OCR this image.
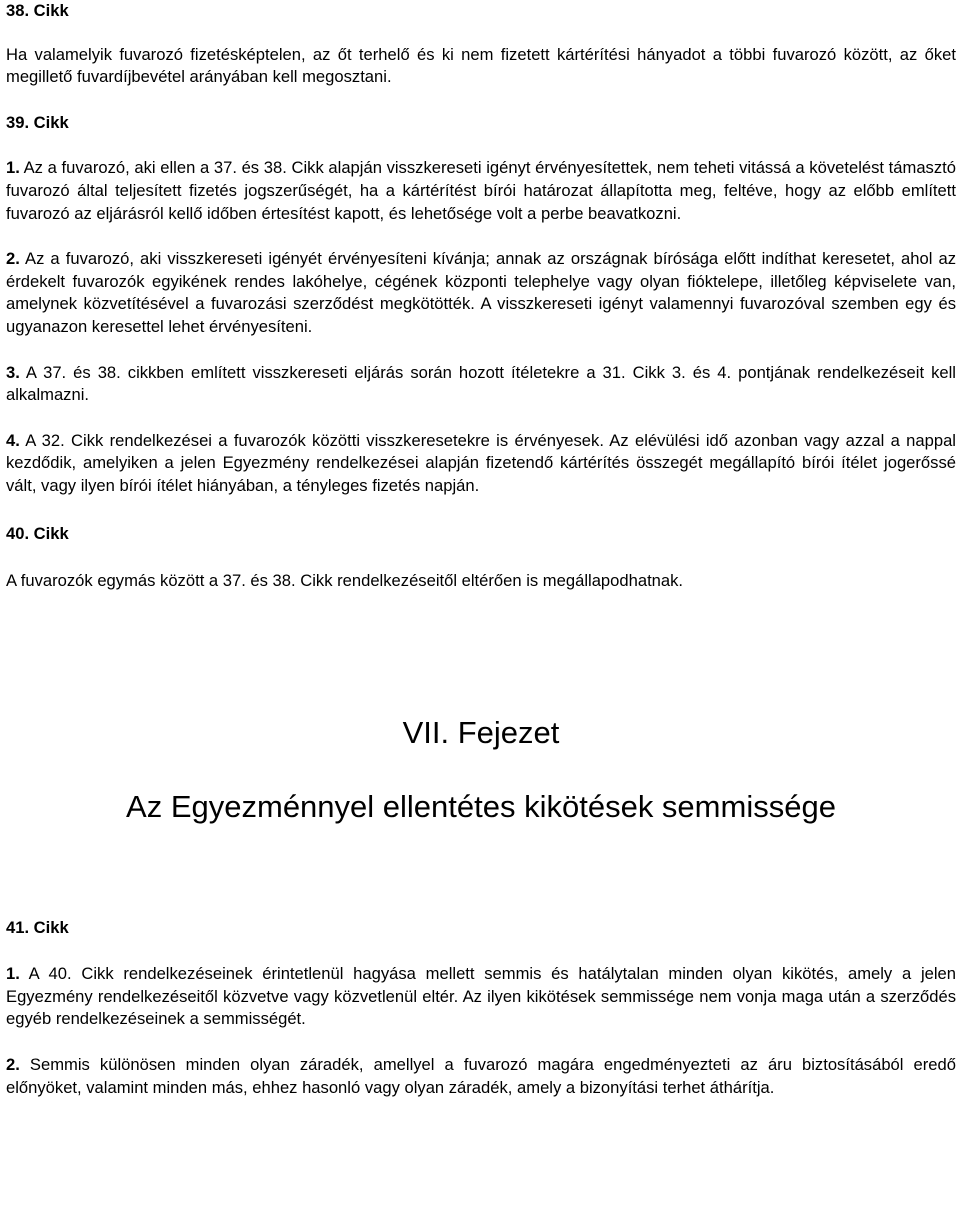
38. Cikk

Ha valamelyik fuvarozó fizetésképtelen, az őt terhelő és ki nem fizetett kártérítési hányadot a többi fuvarozó között, az őket megillető fuvardíjbevétel arányában kell megosztani.

39. Cikk

1. Az a fuvarozó, aki ellen a 37. és 38. Cikk alapján visszkereseti igényt érvényesítettek, nem teheti vitássá a követelést támasztó fuvarozó által teljesített fizetés jogszerűségét, ha a kártérítést bírói határozat állapította meg, feltéve, hogy az előbb említett fuvarozó az eljárásról kellő időben értesítést kapott, és lehetősége volt a perbe beavatkozni.

2. Az a fuvarozó, aki visszkereseti igényét érvényesíteni kívánja; annak az országnak bírósága előtt indíthat keresetet, ahol az érdekelt fuvarozók egyikének rendes lakóhelye, cégének központi telephelye vagy olyan fióktelepe, illetőleg képviselete van, amelynek közvetítésével a fuvarozási szerződést megkötötték. A visszkereseti igényt valamennyi fuvarozóval szemben egy és ugyanazon keresettel lehet érvényesíteni.

3. A 37. és 38. cikkben említett visszkereseti eljárás során hozott ítéletekre a 31. Cikk 3. és 4. pontjának rendelkezéseit kell alkalmazni.

4. A 32. Cikk rendelkezései a fuvarozók közötti visszkeresetekre is érvényesek. Az elévülési idő azonban vagy azzal a nappal kezdődik, amelyiken a jelen Egyezmény rendelkezései alapján fizetendő kártérítés összegét megállapító bírói ítélet jogerőssé vált, vagy ilyen bírói ítélet hiányában, a tényleges fizetés napján.

40. Cikk

A fuvarozók egymás között a 37. és 38. Cikk rendelkezéseitől eltérően is megállapodhatnak.

VII. Fejezet
Az Egyezménnyel ellentétes kikötések semmissége
41. Cikk

1. A 40. Cikk rendelkezéseinek érintetlenül hagyása mellett semmis és hatálytalan minden olyan kikötés, amely a jelen Egyezmény rendelkezéseitől közvetve vagy közvetlenül eltér. Az ilyen kikötések semmissége nem vonja maga után a szerződés egyéb rendelkezéseinek a semmisségét.

2. Semmis különösen minden olyan záradék, amellyel a fuvarozó magára engedményezteti az áru biztosításából eredő előnyöket, valamint minden más, ehhez hasonló vagy olyan záradék, amely a bizonyítási terhet áthárítja.
